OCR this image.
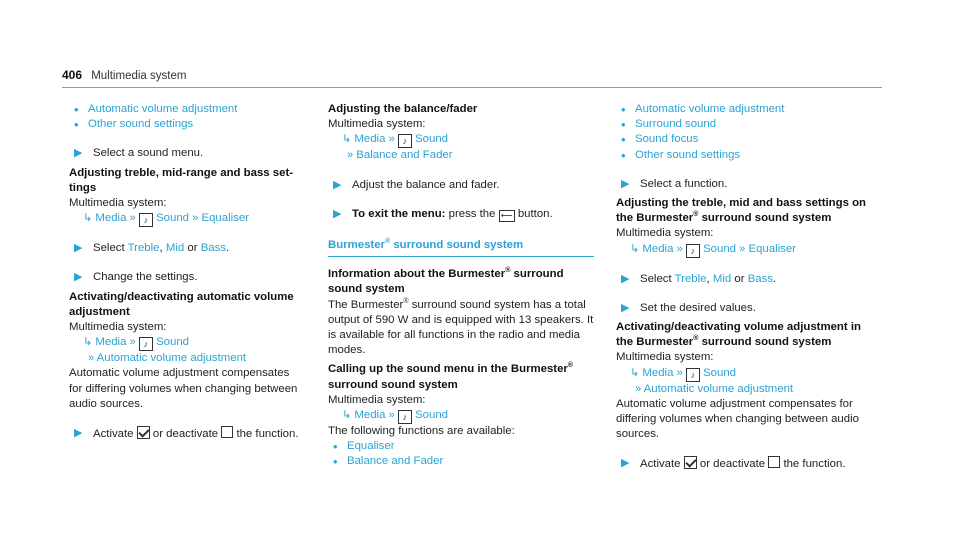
406 Multimedia system
• Automatic volume adjustment
• Other sound settings
▶ Select a sound menu.
Adjusting treble, mid-range and bass settings
Multimedia system:
↳ Media » ♪ Sound » Equaliser
▶ Select Treble, Mid or Bass.
▶ Change the settings.
Activating/deactivating automatic volume adjustment
Multimedia system:
↳ Media » ♪ Sound
» Automatic volume adjustment
Automatic volume adjustment compensates for differing volumes when changing between audio sources.
▶ Activate or deactivate the function.
Adjusting the balance/fader
Multimedia system:
↳ Media » ♪ Sound
» Balance and Fader
▶ Adjust the balance and fader.
▶ To exit the menu: press the ⟵ button.
Burmester® surround sound system
Information about the Burmester® surround sound system
The Burmester® surround sound system has a total output of 590 W and is equipped with 13 speakers. It is available for all functions in the radio and media modes.
Calling up the sound menu in the Burmester® surround sound system
Multimedia system:
↳ Media » ♪ Sound
The following functions are available:
• Equaliser
• Balance and Fader
• Automatic volume adjustment
• Surround sound
• Sound focus
• Other sound settings
▶ Select a function.
Adjusting the treble, mid and bass settings on the Burmester® surround sound system
Multimedia system:
↳ Media » ♪ Sound » Equaliser
▶ Select Treble, Mid or Bass.
▶ Set the desired values.
Activating/deactivating volume adjustment in the Burmester® surround sound system
Multimedia system:
↳ Media » ♪ Sound
» Automatic volume adjustment
Automatic volume adjustment compensates for differing volumes when changing between audio sources.
▶ Activate or deactivate the function.
